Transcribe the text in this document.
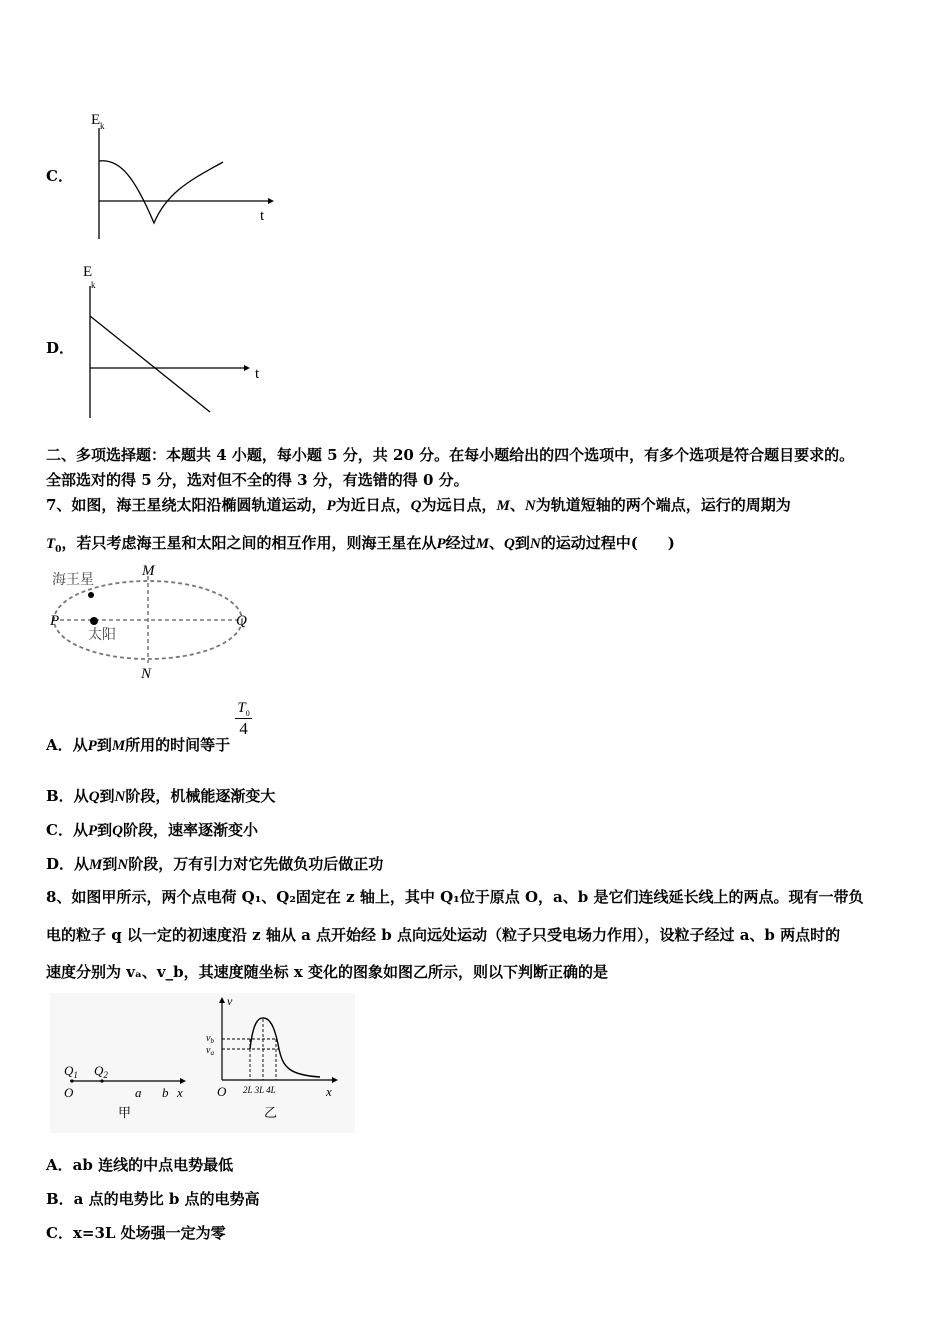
C．
E k
t
D．
E
k
t
二、多项选择题：本题共 4 小题，每小题 5 分，共 20 分。在每小题给出的四个选项中，有多个选项是符合题目要求的。
全部选对的得 5 分，选对但不全的得 3 分，有选错的得 0 分。
7、如图，海王星绕太阳沿椭圆轨道运动，P为近日点，Q为远日点，M、N为轨道短轴的两个端点，运行的周期为
$T_0$，若只考虑海王星和太阳之间的相互作用，则海王星在从P经过M、Q到N的运动过程中(　　)
海王星
太阳
M
N
P	Q
A．从P到M所用的时间等于
$\frac{T_0}{4}$
B．从Q到N阶段，机械能逐渐变大
C．从P到Q阶段，速率逐渐变小
D．从M到N阶段，万有引力对它先做负功后做正功
8、如图甲所示，两个点电荷 Q₁、Q₂固定在 z 轴上，其中 Q₁位于原点 O，a、b 是它们连线延长线上的两点。现有一带负
电的粒子 q 以一定的初速度沿 z 轴从 a 点开始经 b 点向远处运动（粒子只受电场力作用），设粒子经过 a、b 两点时的
速度分别为 vₐ、v_b，其速度随坐标 x 变化的图象如图乙所示，则以下判断正确的是
$Q_1$ $Q_2$
O	a b x
甲
v
$v_b$
$v_a$
O 2L 3L 4L	x
乙
A．ab 连线的中点电势最低
B．a 点的电势比 b 点的电势高
C．x=3L 处场强一定为零
